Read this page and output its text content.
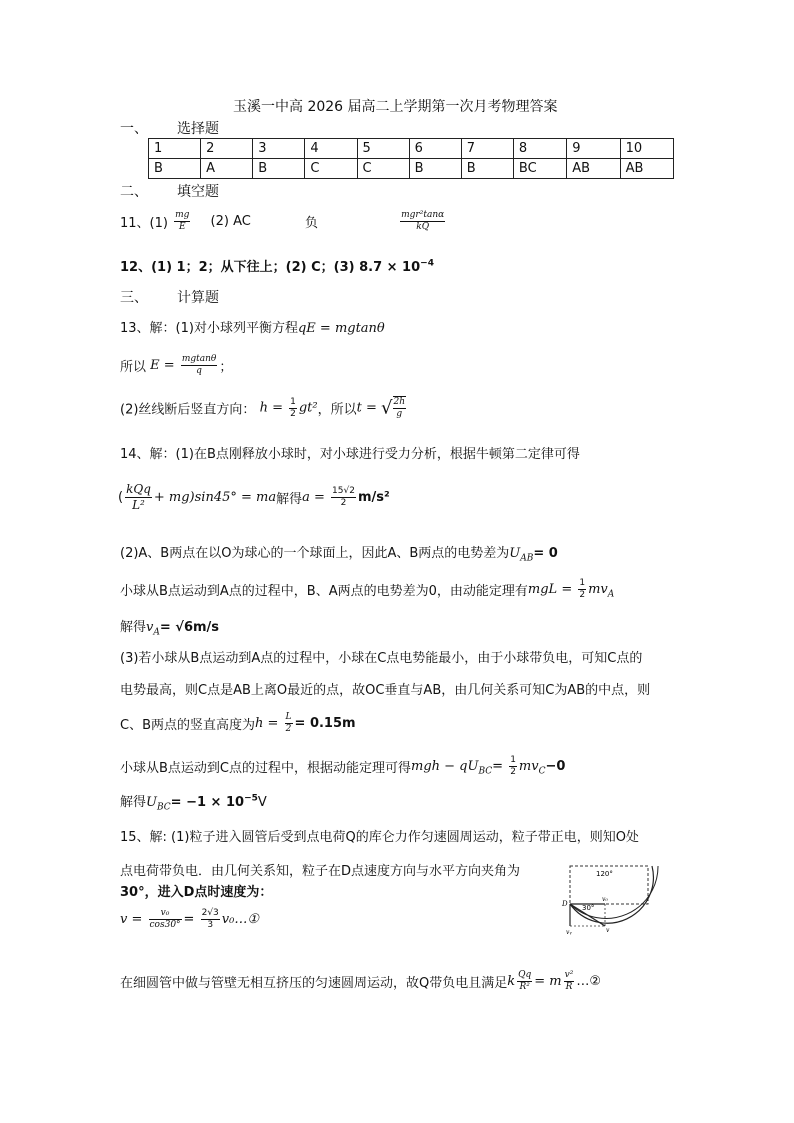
玉溪一中高 2026 届高二上学期第一次月考物理答案
一、 选择题
1	2	3	4	5	6	7	8	9	10
B	A	B	C	C	B	B	BC	AB	AB
二、 填空题
11、$(1) \frac{mg}{E} (2)$ AC	负	$\frac{\text{mgr²tanα}}{kQ}$
12、(1) 1；2；从下往上；(2) C；(3) $8.7 \times 10^{-4}$
三、 计算题
13、解：(1)对小球列平衡方程qE = mgtanθ
所以 $E = \frac{mgtan\theta}{q}$ ；
(2)丝线断后竖直方向： $h = \frac{1}{2} gt^2$，所以t = √ $\frac{2h}{g}$
14、解：(1)在B点刚释放小球时，对小球进行受力分析，根据牛顿第二定律可得
( $\frac{\text{kQq}}{\text{L²}} + mg)\sin 45^\circ$ = ma解得$a = \frac{15√2}{2} m/s^2$
(2)A、B两点在以O为球心的一个球面上，因此A、B两点的电势差为$U_{AB}= 0$
小球从B点运动到A点的过程中，B、A两点的电势差为0，由动能定理有mgL = $\frac{1}{2} mv_A$
解得$v_A= √6m/s$
(3)若小球从B点运动到A点的过程中，小球在C点电势能最小，由于小球带负电，可知C点的
电势最高，则C点是AB上离O最近的点，故OC垂直与AB，由几何关系可知C为AB的中点，则
C、B两点的竖直高度为$h = \frac{L}{2} = 0.15m$
小球从B点运动到C点的过程中，根据动能定理可得mgh − $qU_{BC}= \frac{1}{2} mv_C-0$
解得$U_{BC}= -1 \times 10^{-5}V$
15、解: (1)粒子进入圆管后受到点电荷Q的库仑力作匀速圆周运动，粒子带正电，则知O处
点电荷带负电．由几何关系知，粒子在D点速度方向与水平方向夹角为
30°，进入D点时速度为：
$v = \frac{\text{v₀}}{\cos 30^\circ} = \frac{2√3}{3}$ v₀…①
120°
30°
D
v₀
vᵧ	v
在细圆管中做与管壁无相互挤压的匀速圆周运动，故Q带负电且满足k $\frac{Qq}{\text{R²}} = m \frac{\text{v²}}{R}$ …②
